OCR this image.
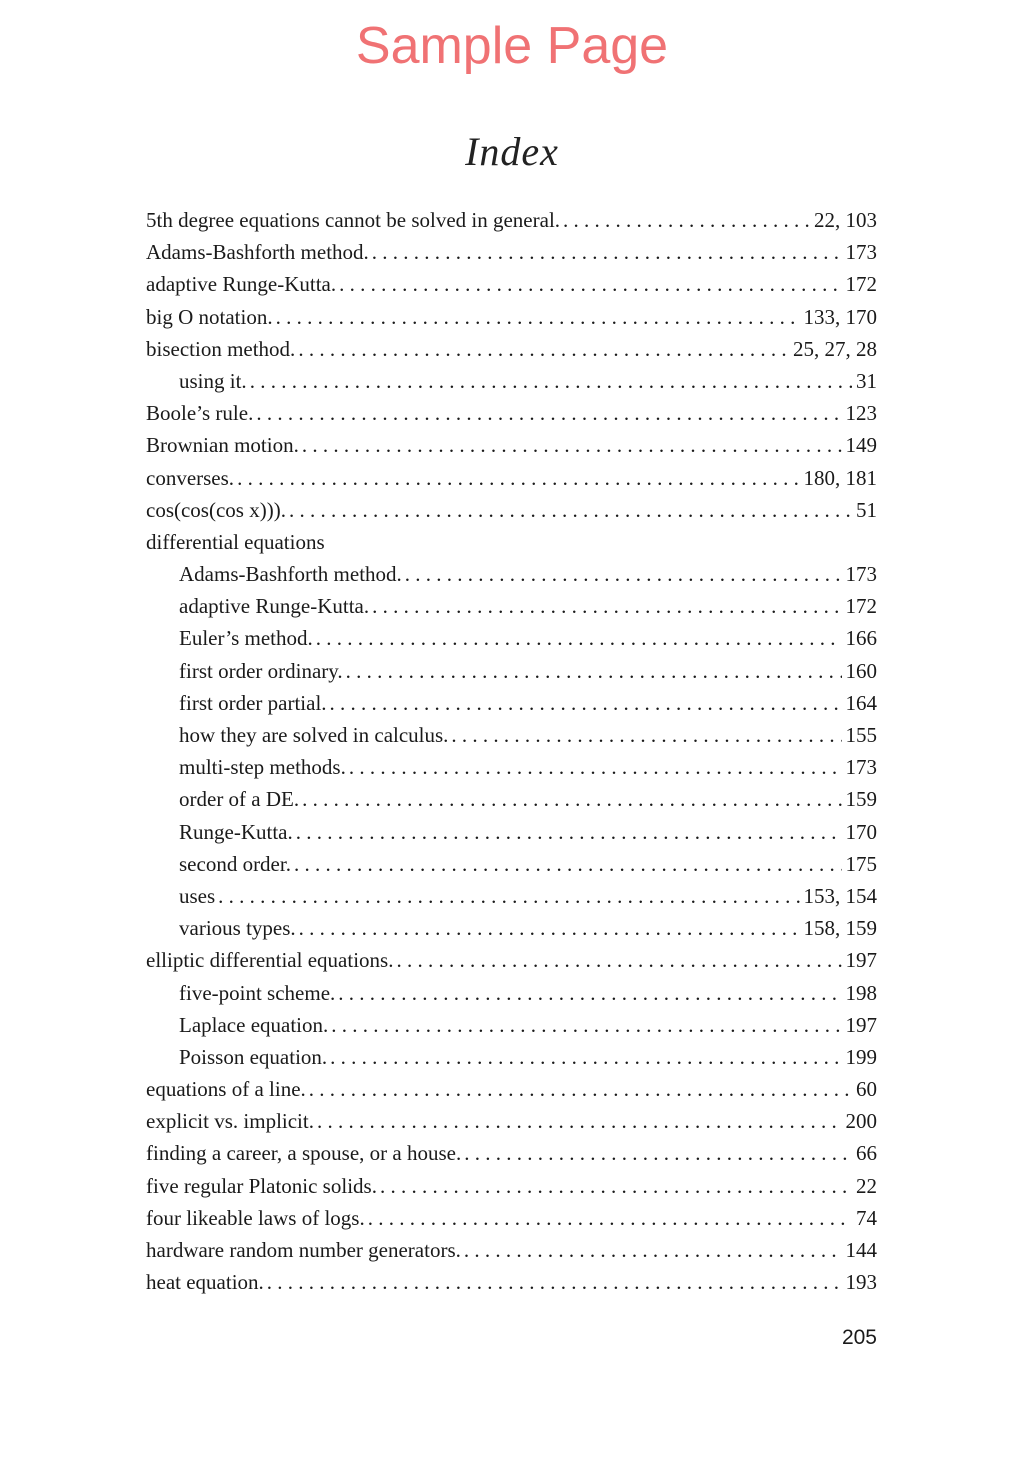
Sample Page
Index
5th degree equations cannot be solved in general. . . .	22, 103
Adams-Bashforth method. . . .	173
adaptive Runge-Kutta. . . .	172
big O notation. . . .	133, 170
bisection method. . . .	25, 27, 28
using it. . . .	31
Boole’s rule. . . .	123
Brownian motion. . . .	149
converses. . . .	180, 181
cos(cos(cos x))). . . .	51
differential equations
Adams-Bashforth method. . . .	173
adaptive Runge-Kutta. . . .	172
Euler’s method. . . .	166
first order ordinary. . . .	160
first order partial. . . .	164
how they are solved in calculus. . . .	155
multi-step methods. . . .	173
order of a DE. . . .	159
Runge-Kutta. . . .	170
second order. . . .	175
uses . . .	153, 154
various types. . . .	158, 159
elliptic differential equations. . . .	197
five-point scheme. . . .	198
Laplace equation. . . .	197
Poisson equation. . . .	199
equations of a line. . . .	60
explicit vs. implicit. . . .	200
finding a career, a spouse, or a house. . . .	66
five regular Platonic solids. . . .	22
four likeable laws of logs. . . .	74
hardware random number generators. . . .	144
heat equation. . . .	193
205
